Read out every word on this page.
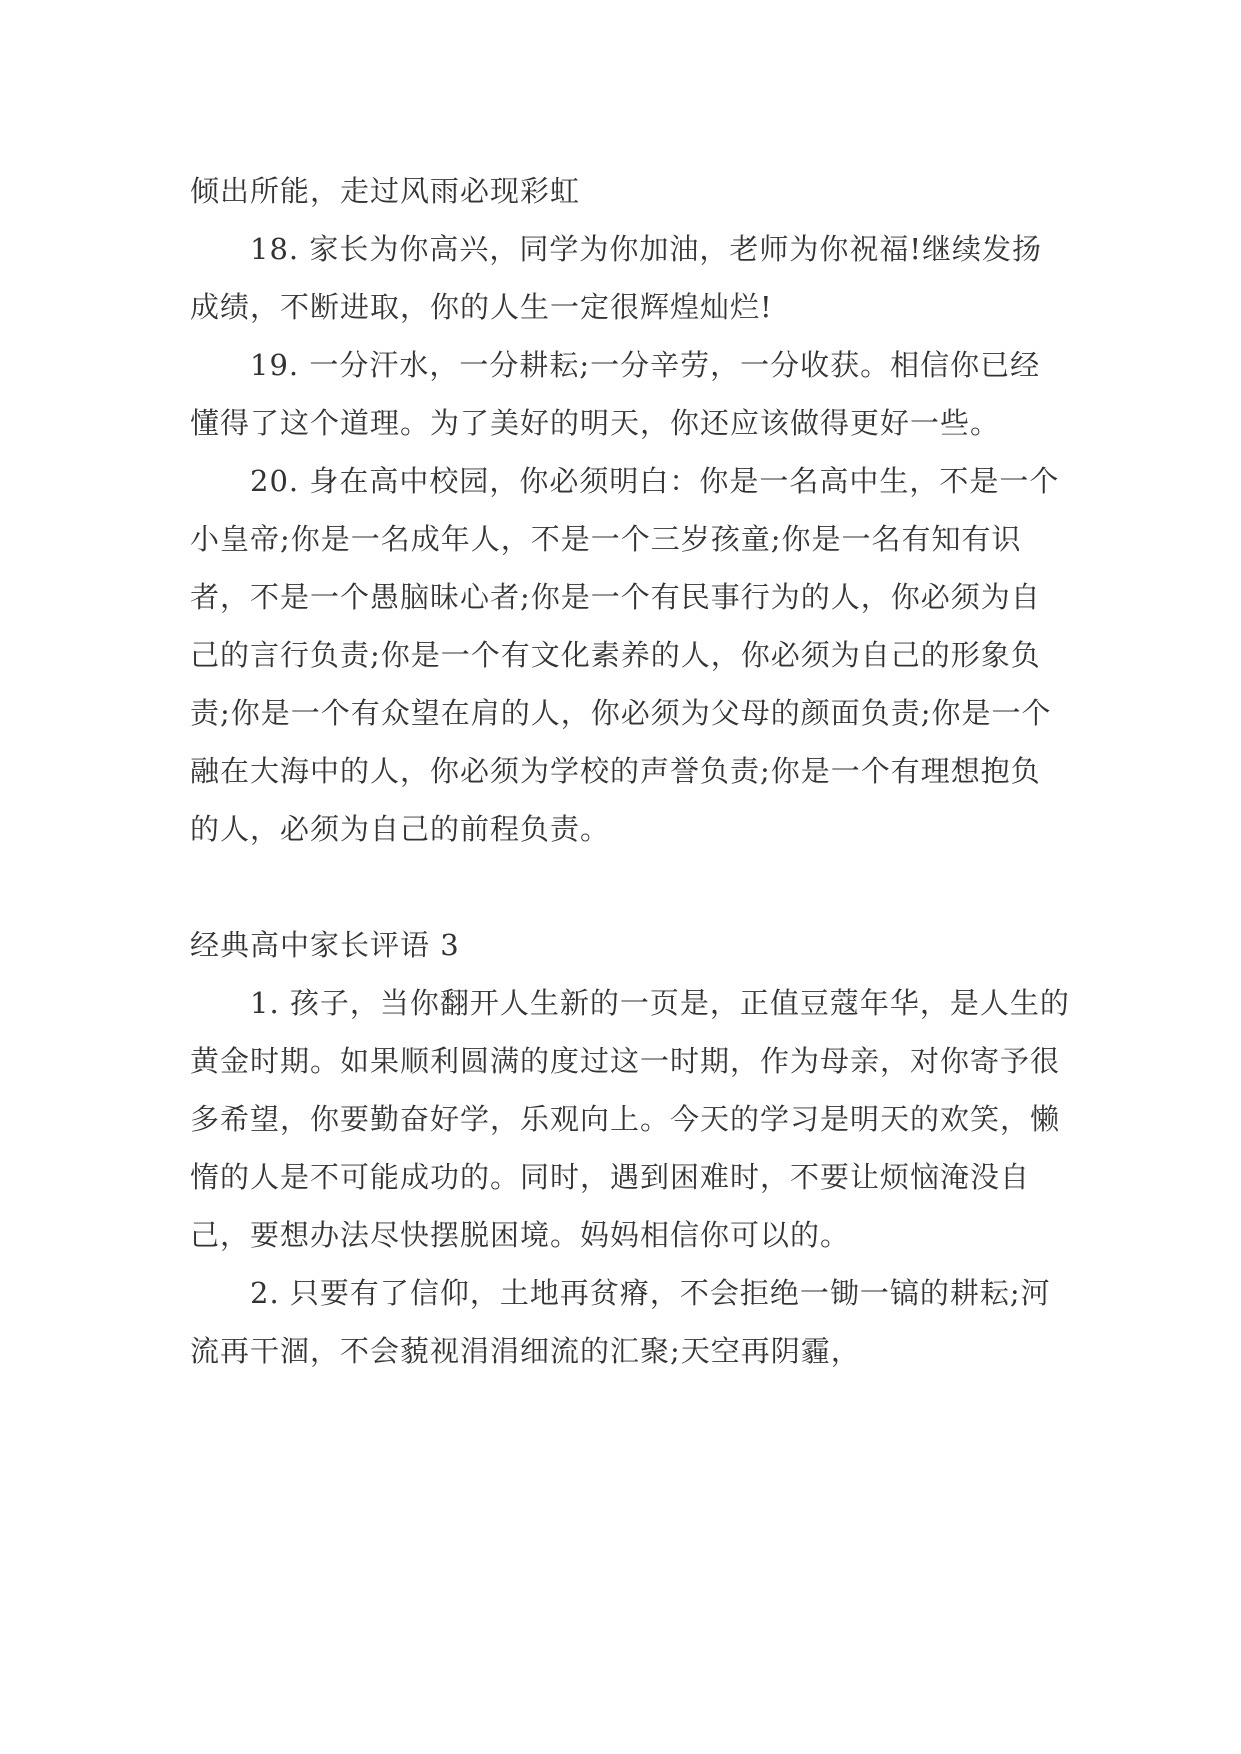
倾出所能，走过风雨必现彩虹

18. 家长为你高兴，同学为你加油，老师为你祝福!继续发扬成绩，不断进取，你的人生一定很辉煌灿烂!

19. 一分汗水，一分耕耘;一分辛劳，一分收获。相信你已经懂得了这个道理。为了美好的明天，你还应该做得更好一些。

20. 身在高中校园，你必须明白：你是一名高中生，不是一个小皇帝;你是一名成年人，不是一个三岁孩童;你是一名有知有识者，不是一个愚脑昧心者;你是一个有民事行为的人，你必须为自己的言行负责;你是一个有文化素养的人，你必须为自己的形象负责;你是一个有众望在肩的人，你必须为父母的颜面负责;你是一个融在大海中的人，你必须为学校的声誉负责;你是一个有理想抱负的人，必须为自己的前程负责。

经典高中家长评语 3

1. 孩子，当你翻开人生新的一页是，正值豆蔻年华，是人生的黄金时期。如果顺利圆满的度过这一时期，作为母亲，对你寄予很多希望，你要勤奋好学，乐观向上。今天的学习是明天的欢笑，懒惰的人是不可能成功的。同时，遇到困难时，不要让烦恼淹没自己，要想办法尽快摆脱困境。妈妈相信你可以的。

2. 只要有了信仰，土地再贫瘠，不会拒绝一锄一镐的耕耘;河流再干涸，不会藐视涓涓细流的汇聚;天空再阴霾，
